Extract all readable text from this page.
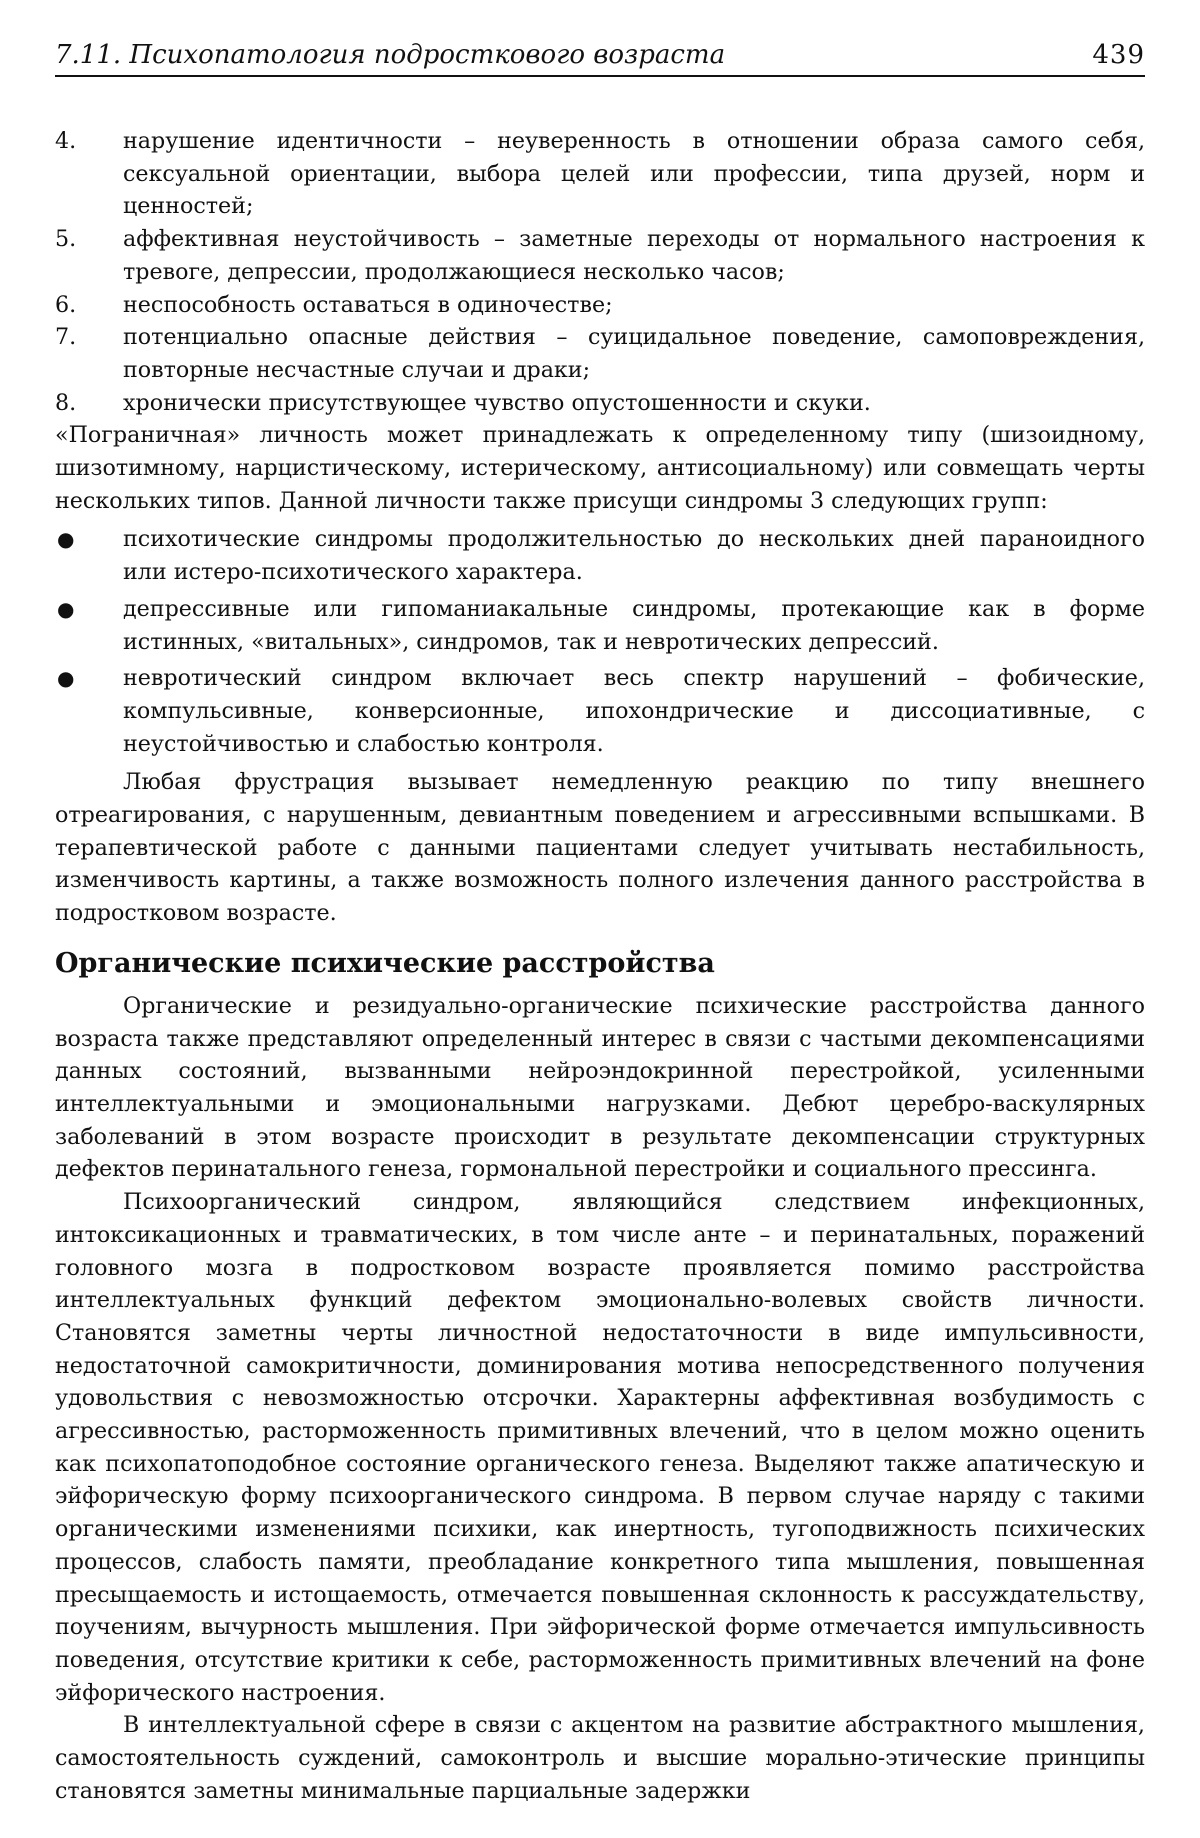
7.11. Психопатология подросткового возраста	439
4. нарушение идентичности – неуверенность в отношении образа самого себя, сексуальной ориентации, выбора целей или профессии, типа друзей, норм и ценностей;
5. аффективная неустойчивость – заметные переходы от нормального настроения к тревоге, депрессии, продолжающиеся несколько часов;
6. неспособность оставаться в одиночестве;
7. потенциально опасные действия – суицидальное поведение, самоповреждения, повторные несчастные случаи и драки;
8. хронически присутствующее чувство опустошенности и скуки.

«Пограничная» личность может принадлежать к определенному типу (шизоидному, шизотимному, нарцистическому, истерическому, антисоциальному) или совмещать черты нескольких типов. Данной личности также присущи синдромы 3 следующих групп:

● психотические синдромы продолжительностью до нескольких дней параноидного или истеро-психотического характера.
● депрессивные или гипоманиакальные синдромы, протекающие как в форме истинных, «витальных», синдромов, так и невротических депрессий.
● невротический синдром включает весь спектр нарушений – фобические, компульсивные, конверсионные, ипохондрические и диссоциативные, с неустойчивостью и слабостью контроля.

Любая фрустрация вызывает немедленную реакцию по типу внешнего отреагирования, с нарушенным, девиантным поведением и агрессивными вспышками. В терапевтической работе с данными пациентами следует учитывать нестабильность, изменчивость картины, а также возможность полного излечения данного расстройства в подростковом возрасте.

Органические психические расстройства

Органические и резидуально-органические психические расстройства данного возраста также представляют определенный интерес в связи с частыми декомпенсациями данных состояний, вызванными нейроэндокринной перестройкой, усиленными интеллектуальными и эмоциональными нагрузками. Дебют церебро-васкулярных заболеваний в этом возрасте происходит в результате декомпенсации структурных дефектов перинатального генеза, гормональной перестройки и социального прессинга.

Психоорганический синдром, являющийся следствием инфекционных, интоксикационных и травматических, в том числе анте – и перинатальных, поражений головного мозга в подростковом возрасте проявляется помимо расстройства интеллектуальных функций дефектом эмоционально-волевых свойств личности. Становятся заметны черты личностной недостаточности в виде импульсивности, недостаточной самокритичности, доминирования мотива непосредственного получения удовольствия с невозможностью отсрочки. Характерны аффективная возбудимость с агрессивностью, расторможенность примитивных влечений, что в целом можно оценить как психопатоподобное состояние органического генеза. Выделяют также апатическую и эйфорическую форму психоорганического синдрома. В первом случае наряду с такими органическими изменениями психики, как инертность, тугоподвижность психических процессов, слабость памяти, преобладание конкретного типа мышления, повышенная пресыщаемость и истощаемость, отмечается повышенная склонность к рассуждательству, поучениям, вычурность мышления. При эйфорической форме отмечается импульсивность поведения, отсутствие критики к себе, расторможенность примитивных влечений на фоне эйфорического настроения.

В интеллектуальной сфере в связи с акцентом на развитие абстрактного мышления, самостоятельность суждений, самоконтроль и высшие морально-этические принципы становятся заметны минимальные парциальные задержки
